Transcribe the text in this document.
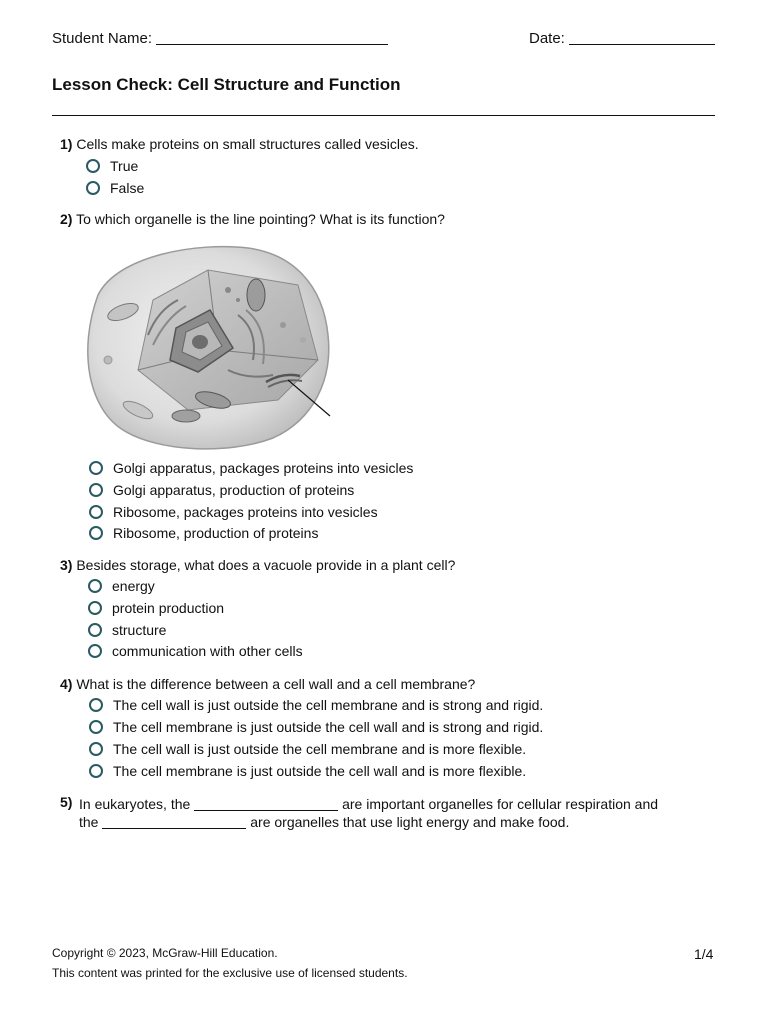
Student Name:	Date:
Lesson Check: Cell Structure and Function
1) Cells make proteins on small structures called vesicles.
True
False
2) To which organelle is the line pointing? What is its function?
Golgi apparatus, packages proteins into vesicles
Golgi apparatus, production of proteins
Ribosome, packages proteins into vesicles
Ribosome, production of proteins
3) Besides storage, what does a vacuole provide in a plant cell?
energy
protein production
structure
communication with other cells
4) What is the difference between a cell wall and a cell membrane?
The cell wall is just outside the cell membrane and is strong and rigid.
The cell membrane is just outside the cell wall and is strong and rigid.
The cell wall is just outside the cell membrane and is more flexible.
The cell membrane is just outside the cell wall and is more flexible.
5) In eukaryotes, the	are important organelles for cellular respiration and
the	are organelles that use light energy and make food.
Copyright © 2023, McGraw-Hill Education.
This content was printed for the exclusive use of licensed students.
1/4
